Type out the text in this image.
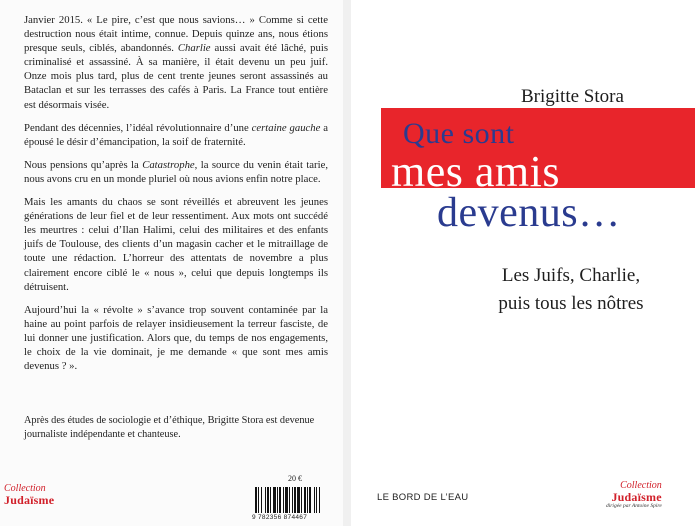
Janvier 2015. « Le pire, c’est que nous savions… » Comme si cette destruction nous était intime, connue. Depuis quinze ans, nous étions presque seuls, ciblés, abandonnés. Charlie aussi avait été lâché, puis criminalisé et assassiné. À sa manière, il était devenu un peu juif. Onze mois plus tard, plus de cent trente jeunes seront assassinés au Bataclan et sur les terrasses des cafés à Paris. La France tout entière est désormais visée.

Pendant des décennies, l’idéal révolutionnaire d’une certaine gauche a épousé le désir d’émancipation, la soif de fraternité.

Nous pensions qu’après la Catastrophe, la source du venin était tarie, nous avons cru en un monde pluriel où nous avions enfin notre place.

Mais les amants du chaos se sont réveillés et abreuvent les jeunes générations de leur fiel et de leur ressentiment. Aux mots ont succédé les meurtres : celui d’Ilan Halimi, celui des militaires et des enfants juifs de Toulouse, des clients d’un magasin cacher et le mitraillage de toute une rédaction. L’horreur des attentats de novembre a plus clairement encore ciblé le « nous », celui que depuis longtemps ils détruisent.

Aujourd’hui la « révolte » s’avance trop souvent contaminée par la haine au point parfois de relayer insidieusement la terreur fasciste, de lui donner une justification. Alors que, du temps de nos engagements, le choix de la vie dominait, je me demande « que sont mes amis devenus ? ».

Après des études de sociologie et d’éthique, Brigitte Stora est devenue journaliste indépendante et chanteuse.
Collection
Judaïsme
20 €
9 782356 874467
Brigitte Stora
Que sont
mes amis
devenus…
Les Juifs, Charlie,
puis tous les nôtres
LE BORD DE L’EAU
Collection
Judaïsme
dirigée par Antoine Spire
